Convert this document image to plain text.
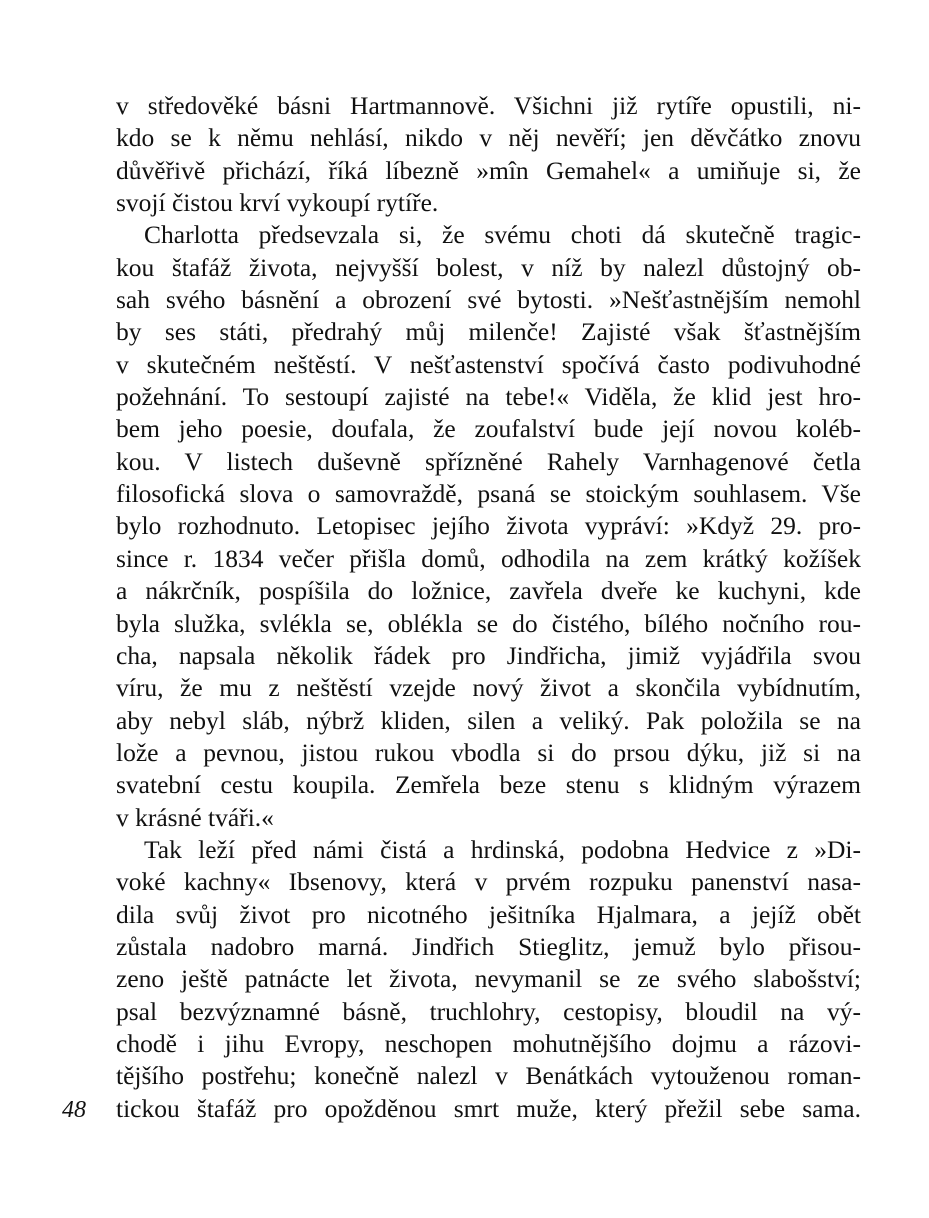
v středověké básni Hartmannově. Všichni již rytíře opustili, ni-
kdo se k němu nehlásí, nikdo v něj nevěří; jen děvčátko znovu
důvěřivě přichází, říká líbezně »mîn Gemahel« a umiňuje si, že
svojí čistou krví vykoupí rytíře.
Charlotta předsevzala si, že svému choti dá skutečně tragic-
kou štafáž života, nejvyšší bolest, v níž by nalezl důstojný ob-
sah svého básnění a obrození své bytosti. »Nešťastnějším nemohl
by ses státi, předrahý můj milenče! Zajisté však šťastnějším
v skutečném neštěstí. V nešťastenství spočívá často podivuhodné
požehnání. To sestoupí zajisté na tebe!« Viděla, že klid jest hro-
bem jeho poesie, doufala, že zoufalství bude její novou koléb-
kou. V listech duševně spřízněné Rahely Varnhagenové četla
filosofická slova o samovraždě, psaná se stoickým souhlasem. Vše
bylo rozhodnuto. Letopisec jejího života vypráví: »Když 29. pro-
since r. 1834 večer přišla domů, odhodila na zem krátký kožíšek
a nákrčník, pospíšila do ložnice, zavřela dveře ke kuchyni, kde
byla služka, svlékla se, oblékla se do čistého, bílého nočního rou-
cha, napsala několik řádek pro Jindřicha, jimiž vyjádřila svou
víru, že mu z neštěstí vzejde nový život a skončila vybídnutím,
aby nebyl sláb, nýbrž kliden, silen a veliký. Pak položila se na
lože a pevnou, jistou rukou vbodla si do prsou dýku, již si na
svatební cestu koupila. Zemřela beze stenu s klidným výrazem
v krásné tváři.«
Tak leží před námi čistá a hrdinská, podobna Hedvice z »Di-
voké kachny« Ibsenovy, která v prvém rozpuku panenství nasa-
dila svůj život pro nicotného ješitníka Hjalmara, a jejíž obět
zůstala nadobro marná. Jindřich Stieglitz, jemuž bylo přisou-
zeno ještě patnácte let života, nevymanil se ze svého slabošství;
psal bezvýznamné básně, truchlohry, cestopisy, bloudil na vý-
chodě i jihu Evropy, neschopen mohutnějšího dojmu a rázovi-
tějšího postřehu; konečně nalezl v Benátkách vytouženou roman-
tickou štafáž pro opožděnou smrt muže, který přežil sebe sama.
48
